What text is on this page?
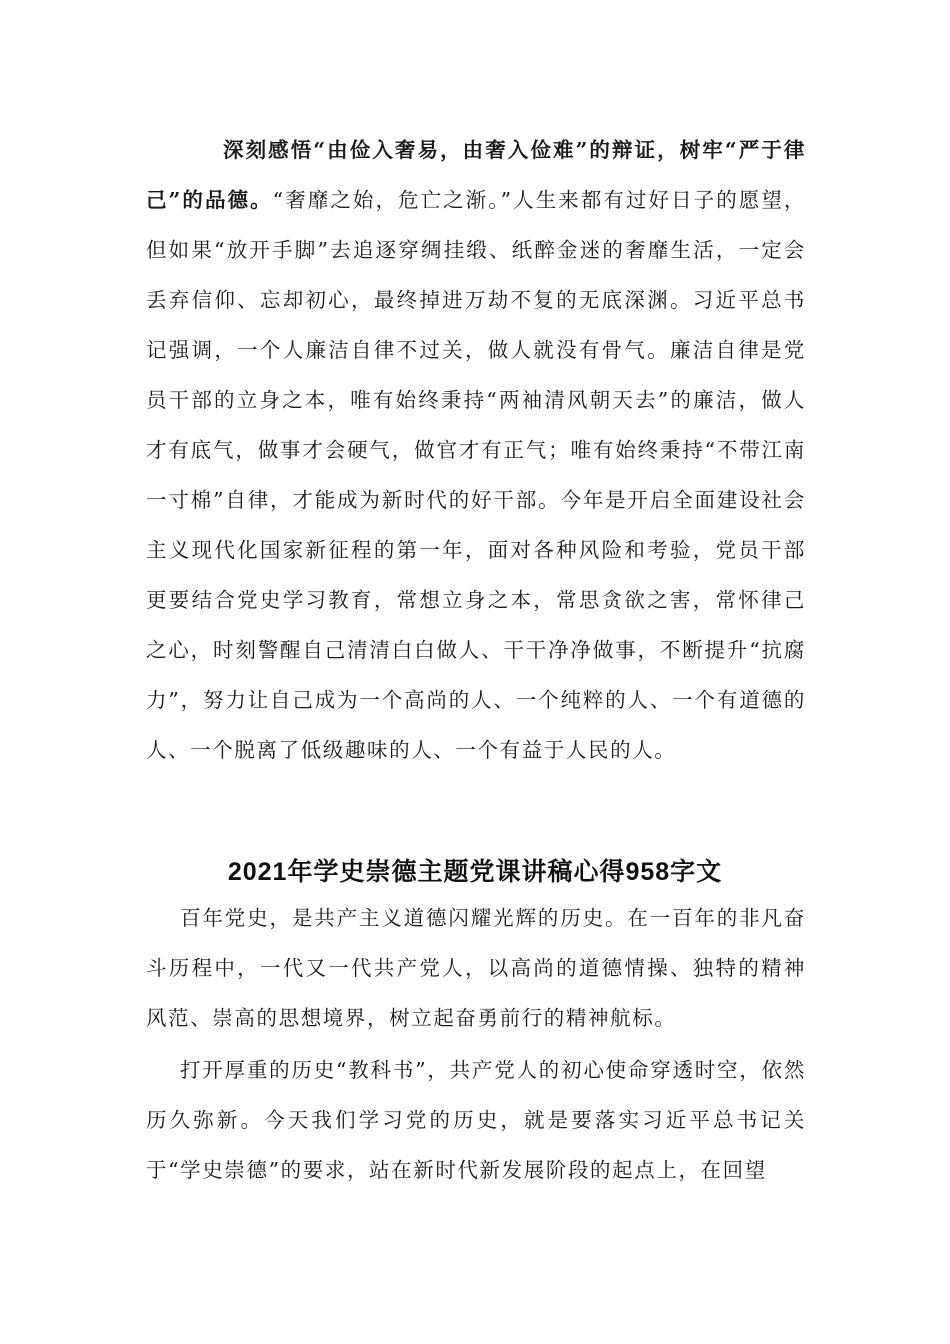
深刻感悟“由俭入奢易，由奢入俭难”的辩证，树牢“严于律己”的品德。“奢靡之始，危亡之渐。”人生来都有过好日子的愿望，但如果“放开手脚”去追逐穿绸挂缎、纸醉金迷的奢靡生活，一定会丢弃信仰、忘却初心，最终掉进万劫不复的无底深渊。习近平总书记强调，一个人廉洁自律不过关，做人就没有骨气。廉洁自律是党员干部的立身之本，唯有始终秉持“两袖清风朝天去”的廉洁，做人才有底气，做事才会硬气，做官才有正气；唯有始终秉持“不带江南一寸棉”自律，才能成为新时代的好干部。今年是开启全面建设社会主义现代化国家新征程的第一年，面对各种风险和考验，党员干部更要结合党史学习教育，常想立身之本，常思贪欲之害，常怀律己之心，时刻警醒自己清清白白做人、干干净净做事，不断提升“抗腐力”，努力让自己成为一个高尚的人、一个纯粹的人、一个有道德的人、一个脱离了低级趣味的人、一个有益于人民的人。

2021年学史崇德主题党课讲稿心得958字文

百年党史，是共产主义道德闪耀光辉的历史。在一百年的非凡奋斗历程中，一代又一代共产党人，以高尚的道德情操、独特的精神风范、崇高的思想境界，树立起奋勇前行的精神航标。

打开厚重的历史“教科书”，共产党人的初心使命穿透时空，依然历久弥新。今天我们学习党的历史，就是要落实习近平总书记关于“学史崇德”的要求，站在新时代新发展阶段的起点上，在回望
